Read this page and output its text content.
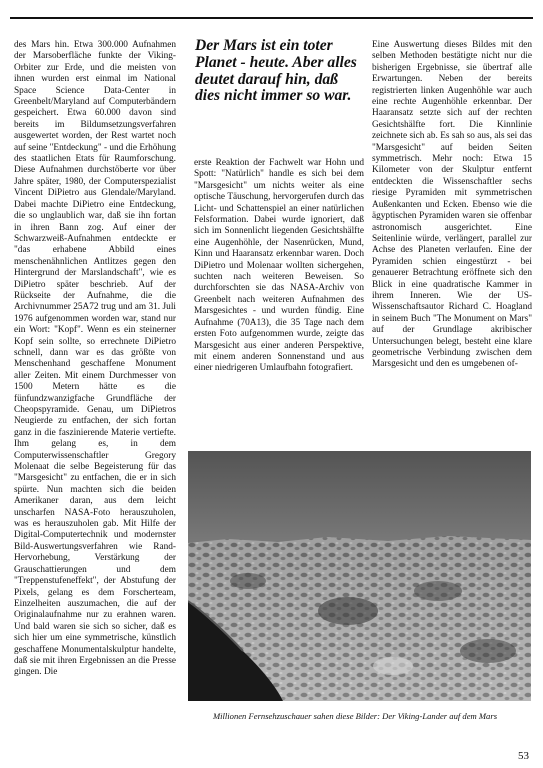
des Mars hin. Etwa 300.000 Aufnahmen der Marsoberfläche funkte der Viking-Orbiter zur Erde, und die meisten von ihnen wurden erst einmal im National Space Science Data-Center in Greenbelt/Maryland auf Computerbändern gespeichert. Etwa 60.000 davon sind bereits im Bildumsetzungsverfahren ausgewertet worden, der Rest wartet noch auf seine "Entdeckung" - und die Erhöhung des staatlichen Etats für Raumforschung. Diese Aufnahmen durchstöberte vor über Jahre später, 1980, der Computerspezialist Vincent DiPietro aus Glendale/Maryland. Dabei machte DiPietro eine Entdeckung, die so unglaublich war, daß sie ihn fortan in ihren Bann zog. Auf einer der Schwarzweiß-Aufnahmen entdeckte er "das erhabene Abbild eines menschenähnlichen Antlitzes gegen den Hintergrund der Marslandschaft", wie es DiPietro später beschrieb. Auf der Rückseite der Aufnahme, die die Archivnummer 25A72 trug und am 31. Juli 1976 aufgenommen worden war, stand nur ein Wort: "Kopf". Wenn es ein steinerner Kopf sein sollte, so errechnete DiPietro schnell, dann war es das größte von Menschenhand geschaffene Monument aller Zeiten. Mit einem Durchmesser von 1500 Metern hätte es die fünfundzwanzigfache Grundfläche der Cheopspyramide. Genau, um DiPietros Neugierde zu entfachen, der sich fortan ganz in die faszinierende Materie vertiefte. Ihm gelang es, in dem Computerwissenschaftler Gregory Molenaat die selbe Begeisterung für das "Marsgesicht" zu entfachen, die er in sich spürte. Nun machten sich die beiden Amerikaner daran, aus dem leicht unscharfen NASA-Foto herauszuholen, was es herauszuholen gab. Mit Hilfe der Digital-Computertechnik und modernster Bild-Auswertungsverfahren wie Rand-Hervorhebung, Verstärkung der Grauschattierungen und dem "Treppenstufeneffekt", der Abstufung der Pixels, gelang es dem Forscherteam, Einzelheiten auszumachen, die auf der Originalaufnahme nur zu erahnen waren. Und bald waren sie sich so sicher, daß es sich hier um eine symmetrische, künstlich geschaffene Monumentalskulptur handelte, daß sie mit ihren Ergebnissen an die Presse gingen. Die

Der Mars ist ein toter Planet - heute. Aber alles deutet darauf hin, daß dies nicht immer so war.

erste Reaktion der Fachwelt war Hohn und Spott: "Natürlich" handle es sich bei dem "Marsgesicht" um nichts weiter als eine optische Täuschung, hervorgerufen durch das Licht- und Schattenspiel an einer natürlichen Felsformation. Dabei wurde ignoriert, daß sich im Sonnenlicht liegenden Gesichtshälfte eine Augenhöhle, der Nasenrücken, Mund, Kinn und Haaransatz erkennbar waren. Doch DiPietro und Molenaar wollten sichergehen, suchten nach weiteren Beweisen. So durchforschten sie das NASA-Archiv von Greenbelt nach weiteren Aufnahmen des Marsgesichtes - und wurden fündig. Eine Aufnahme (70A13), die 35 Tage nach dem ersten Foto aufgenommen wurde, zeigte das Marsgesicht aus einer anderen Perspektive, mit einem anderen Sonnenstand und aus einer niedrigeren Umlaufbahn fotografiert.

Eine Auswertung dieses Bildes mit den selben Methoden bestätigte nicht nur die bisherigen Ergebnisse, sie übertraf alle Erwartungen. Neben der bereits registrierten linken Augenhöhle war auch eine rechte Augenhöhle erkennbar. Der Haaransatz setzte sich auf der rechten Gesichtshälfte fort. Die Kinnlinie zeichnete sich ab. Es sah so aus, als sei das "Marsgesicht" auf beiden Seiten symmetrisch. Mehr noch: Etwa 15 Kilometer von der Skulptur entfernt entdeckten die Wissenschaftler sechs riesige Pyramiden mit symmetrischen Außenkanten und Ecken. Ebenso wie die ägyptischen Pyramiden waren sie offenbar astronomisch ausgerichtet. Eine Seitenlinie würde, verlängert, parallel zur Achse des Planeten verlaufen. Eine der Pyramiden schien eingestürzt - bei genauerer Betrachtung eröffnete sich den Blick in eine quadratische Kammer in ihrem Inneren. Wie der US-Wissenschaftsautor Richard C. Hoagland in seinem Buch "The Monument on Mars" auf der Grundlage akribischer Untersuchungen belegt, besteht eine klare geometrische Verbindung zwischen dem Marsgesicht und den es umgebenen of-

Millionen Fernsehzuschauer sahen diese Bilder: Der Viking-Lander auf dem Mars
53
